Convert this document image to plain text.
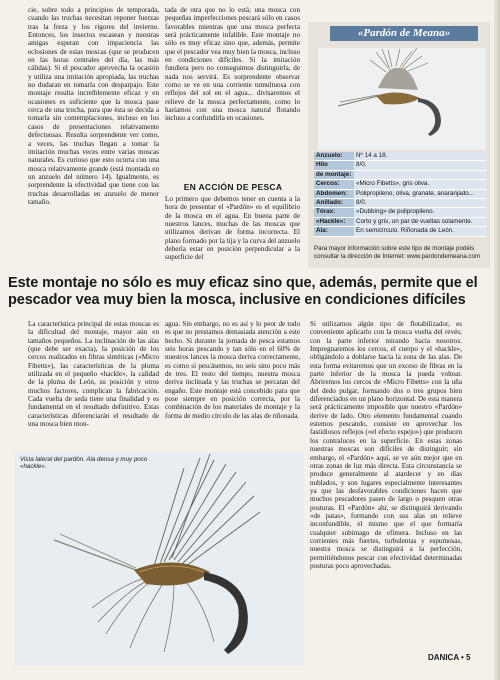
cie, sobre todo a principios de temporada, cuando las truchas necesitan reponer fuerzas tras la freza y los rigores del invierno. Entonces, los insectos escasean y nuestras amigas esperan con impaciencia las eclosiones de estas moscas (que se producen en las horas centrales del día, las más cálidas). Si el pescador aprovecha la ocasión y utiliza una imitación apropiada, las truchas no dudaran en tomarla con desparpajo. Este montaje resulta increíblemente eficaz y en ocasiones es suficiente que la mosca pase cerca de una trucha, para que ésta se decida a tomarla sin contemplaciones, incluso en los casos de presentaciones relativamente defectuosas. Resulta sorprendente ver como, a veces, las truchas llegan a tomar la imitación muchas veces entre varias moscas naturales. Es curioso que esto ocurra con una mosca relativamente grande (está montada en un anzuelo del número 14). Igualmente, es sorprendente la efectividad que tiene con las truchas desarrolladas en anzuelo de menor tamaño.

tada de otra que no lo está; una mosca con pequeñas imperfecciones pescará sólo en casos favorables mientras que una mosca perfecta será prácticamente infalible. Este montaje no sólo es muy eficaz sino que, además, permite que el pescador vea muy bien la mosca, incluso en condiciones difíciles. Si la imitación fundiera pero no conseguimos distinguirla, de nada nos servirá. Es sorprendente observar como se ve en una corriente tumultuosa con reflejos del sol en el agua... divisaremos el relieve de la mosca perfectamente, como lo haríamos con una mosca natural flotando incluso a confundirla en ocasiones.

EN ACCIÓN DE PESCA

Lo primero que debemos tener en cuenta a la hora de presentar el «Pardón» es el equilibrio de la mosca en el agua. En buena parte de nuestros lances, muchas de las moscas que utilizamos derivan de forma incorrecta. El plano formado por la tija y la curva del anzuelo debería estar en posición perpendicular a la superficie del

«Pardón de Meana»
Anzuelo:	Nº 14 a 18.
Hilo	8/0.
de montaje:	
Cercos:	«Micro Fibetts», gris oliva.
Abdomen:	Polipropileno, oliva, granate, anaranjado...
Anillado:	8/0.
Tórax:	«Dubbing» de polipropileno.
«Hackle»:	Corto y gris, un par de vueltas solamente.
Ala:	En semicírculo. Riñonada de León.

Para mayor información sobre este tipo de montaje podéis consultar la dirección de Internet: www.pardondemeana.com

Este montaje no sólo es muy eficaz sino que, además, permite que el pescador vea muy bien la mosca, inclusive en condiciones difíciles

La característica principal de estas moscas es la dificultad del montaje, mayor aún en tamaños pequeños. La inclinación de las alas (que debe ser exacta), la posición de los cercos realizados en fibras sintéticas («Micro Fibetts»), las características de la pluma utilizada en el pequeño «hackle», la calidad de la pluma de León, su posición y otros muchos factores, complican la fabricación. Cada vuelta de seda tiene una finalidad y es fundamental en el resultado definitivo. Estas características diferenciarán el resultado de una mosca bien mon-

agua. Sin embargo, no es así y lo peor de todo es que no prestamos demasiada atención a este hecho. Si durante la jornada de pesca estamos seis horas pescando y tan sólo en el 60% de nuestros lances la mosca deriva correctamente, es como si pescásemos, no seis sino poco más de tres. El resto del tiempo, nuestra mosca deriva inclinada y las truchas se percatan del engaño. Este montaje está concebido para que pose siempre en posición correcta, por la combinación de los materiales de montaje y la forma de medio círculo de las alas de riñonada.

Si utilizamos algún tipo de flotabilizador, es conveniente aplicarlo con la mosca vuelta del revés; con la parte inferior mirando hacia nosotros. Impregnaremos los cercos, el cuerpo y el «hackle», obligándolo a doblarse hacia la zona de las alas. De esta forma evitaremos que un exceso de fibras en la parte inferior de la mosca la pueda voltear. Abriremos los cercos de «Micro Fibetts» con la uña del dedo pulgar, formando dos o tres grupos bien diferenciados en un plano horizontal. De esta manera será prácticamente imposible que nuestro «Pardón» derive de lado. Otro elemento fundamental cuando estemos pescando, consiste en aprovechar los fastidiosos reflejos («el efecto espejo») que producen los contraluces en la superficie. En estas zonas nuestras moscas son difíciles de distinguir; sin embargo, el «Pardón» aquí, se ve aún mejor que en otras zonas de luz más directa. Esta circunstancia se produce generalmente al atardecer y en días nublados, y son lugares especialmente interesantes ya que las desfavorables condiciones hacen que muchos pescadores pasen de largo o pesquen otras posturas. El «Pardón» ahí, se distinguirá derivando «de patas», formando con sus alas un relieve inconfundible, el mismo que el que formaría cualquier subimago de efímera. Incluso en las corrientes más fuertes, turbulentas y espumosas, nuestra mosca se distinguirá a la perfección, permitiéndonos pescar con efectividad determinadas posturas poco aprovechadas.

Vista lateral del pardón. Ala densa y muy poco «hackle».

DANICA • 5
